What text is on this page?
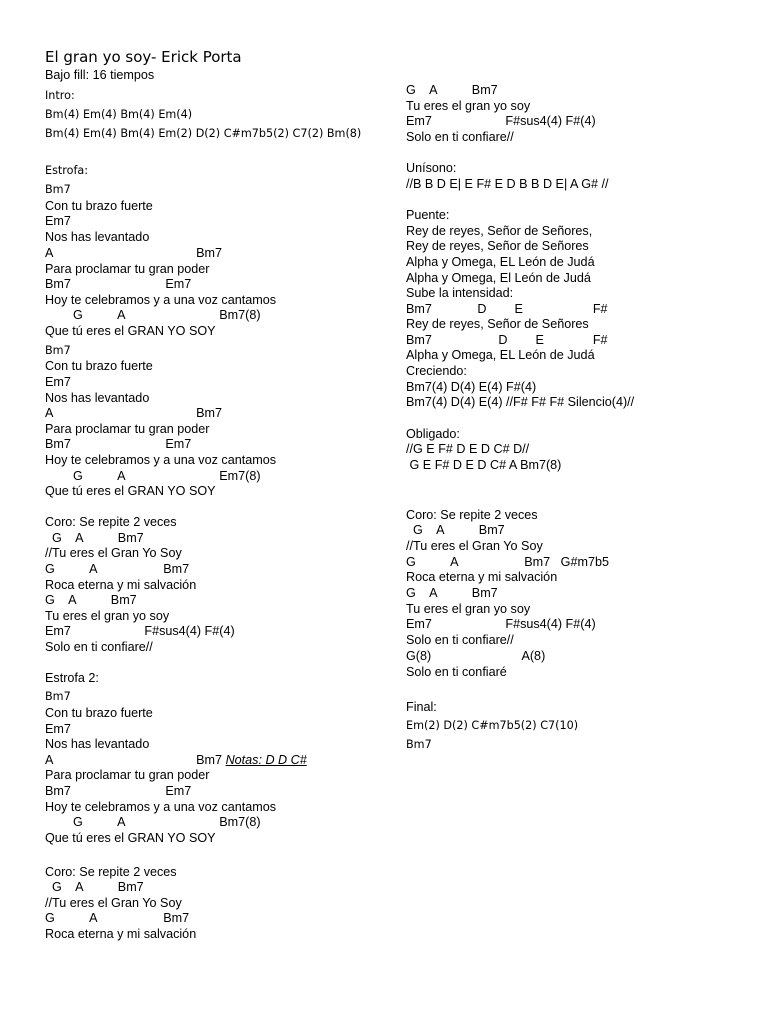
El gran yo soy- Erick Porta
Bajo fill: 16 tiempos
Intro:
Bm(4) Em(4) Bm(4) Em(4)
Bm(4) Em(4) Bm(4) Em(2) D(2) C#m7b5(2) C7(2) Bm(8)
Estrofa:
Bm7
Con tu brazo fuerte
Em7
Nos has levantado
A                                         Bm7
Para proclamar tu gran poder
Bm7                           Em7
Hoy te celebramos y a una voz cantamos
G          A                           Bm7(8)
Que tú eres el GRAN YO SOY
Bm7
Con tu brazo fuerte
Em7
Nos has levantado
A                                         Bm7
Para proclamar tu gran poder
Bm7                           Em7
Hoy te celebramos y a una voz cantamos
G          A                           Em7(8)
Que tú eres el GRAN YO SOY
Coro: Se repite 2 veces
G    A          Bm7
//Tu eres el Gran Yo Soy
G          A                   Bm7
Roca eterna y mi salvación
G    A          Bm7
Tu eres el gran yo soy
Em7                     F#sus4(4) F#(4)
Solo en ti confiare//
Estrofa 2:
Bm7
Con tu brazo fuerte
Em7
Nos has levantado
A                                         Bm7 Notas: D D C#
Para proclamar tu gran poder
Bm7                           Em7
Hoy te celebramos y a una voz cantamos
G          A                           Bm7(8)
Que tú eres el GRAN YO SOY
Coro: Se repite 2 veces
G    A          Bm7
//Tu eres el Gran Yo Soy
G          A                   Bm7
Roca eterna y mi salvación
G    A          Bm7
Tu eres el gran yo soy
Em7                     F#sus4(4) F#(4)
Solo en ti confiare//
Unísono:
//B B D E| E F# E D B B D E| A G# //
Puente:
Rey de reyes, Señor de Señores,
Rey de reyes, Señor de Señores
Alpha y Omega, EL León de Judá
Alpha y Omega, El León de Judá
Sube la intensidad:
Bm7             D        E                    F#
Rey de reyes, Señor de Señores
Bm7                   D        E              F#
Alpha y Omega, EL León de Judá
Creciendo:
Bm7(4) D(4) E(4) F#(4)
Bm7(4) D(4) E(4) //F# F# F# Silencio(4)//
Obligado:
//G E F# D E D C# D//
G E F# D E D C# A Bm7(8)
Coro: Se repite 2 veces
G    A          Bm7
//Tu eres el Gran Yo Soy
G          A                   Bm7   G#m7b5
Roca eterna y mi salvación
G    A          Bm7
Tu eres el gran yo soy
Em7                     F#sus4(4) F#(4)
Solo en ti confiare//
G(8)                          A(8)
Solo en ti confiaré
Final:
Em(2) D(2) C#m7b5(2) C7(10)
Bm7
